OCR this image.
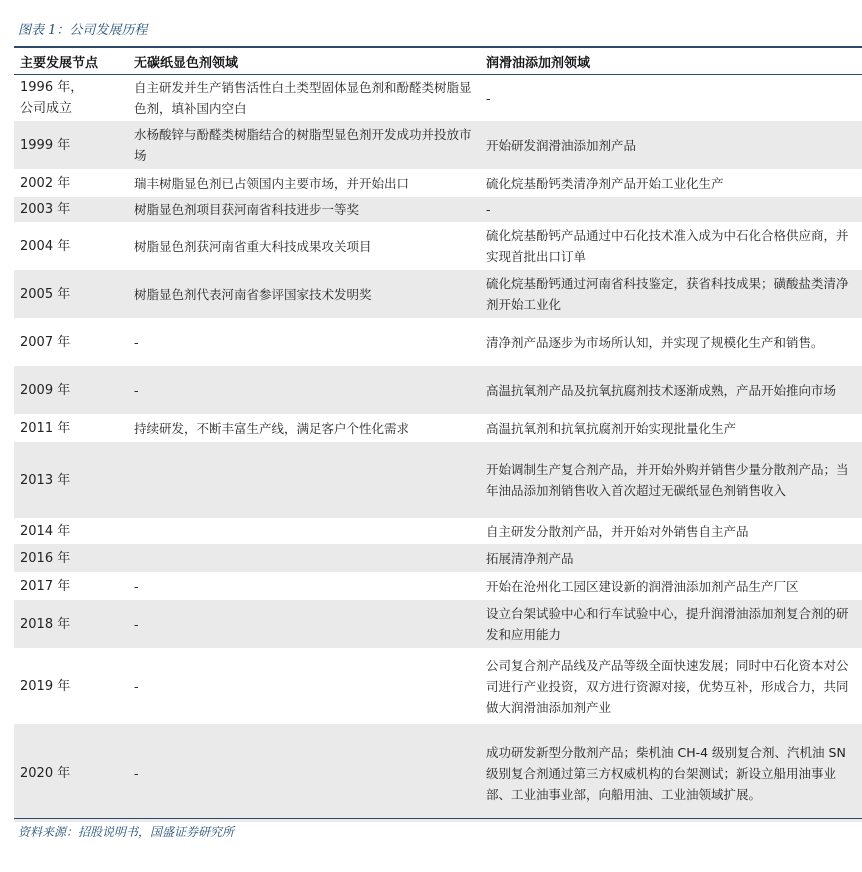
图表 1：公司发展历程
主要发展节点	无碳纸显色剂领域	润滑油添加剂领域
1996 年，
公司成立	自主研发并生产销售活性白土类型固体显色剂和酚醛类树脂显色剂，填补国内空白	-
1999 年	水杨酸锌与酚醛类树脂结合的树脂型显色剂开发成功并投放市场	开始研发润滑油添加剂产品
2002 年	瑞丰树脂显色剂已占领国内主要市场，并开始出口	硫化烷基酚钙类清净剂产品开始工业化生产
2003 年	树脂显色剂项目获河南省科技进步一等奖	-
2004 年	树脂显色剂获河南省重大科技成果攻关项目	硫化烷基酚钙产品通过中石化技术准入成为中石化合格供应商，并实现首批出口订单
2005 年	树脂显色剂代表河南省参评国家技术发明奖	硫化烷基酚钙通过河南省科技鉴定，获省科技成果；磺酸盐类清净剂开始工业化
2007 年	-	清净剂产品逐步为市场所认知，并实现了规模化生产和销售。
2009 年	-	高温抗氧剂产品及抗氧抗腐剂技术逐渐成熟，产品开始推向市场
2011 年	持续研发，不断丰富生产线，满足客户个性化需求	高温抗氧剂和抗氧抗腐剂开始实现批量化生产
2013 年		开始调制生产复合剂产品，并开始外购并销售少量分散剂产品；当年油品添加剂销售收入首次超过无碳纸显色剂销售收入
2014 年		自主研发分散剂产品，并开始对外销售自主产品
2016 年		拓展清净剂产品
2017 年	-	开始在沧州化工园区建设新的润滑油添加剂产品生产厂区
2018 年	-	设立台架试验中心和行车试验中心，提升润滑油添加剂复合剂的研发和应用能力
2019 年	-	公司复合剂产品线及产品等级全面快速发展；同时中石化资本对公司进行产业投资，双方进行资源对接，优势互补，形成合力，共同做大润滑油添加剂产业
2020 年	-	成功研发新型分散剂产品；柴机油 CH-4 级别复合剂、汽机油 SN 级别复合剂通过第三方权威机构的台架测试；新设立船用油事业部、工业油事业部，向船用油、工业油领域扩展。
资料来源：招股说明书，国盛证券研究所
